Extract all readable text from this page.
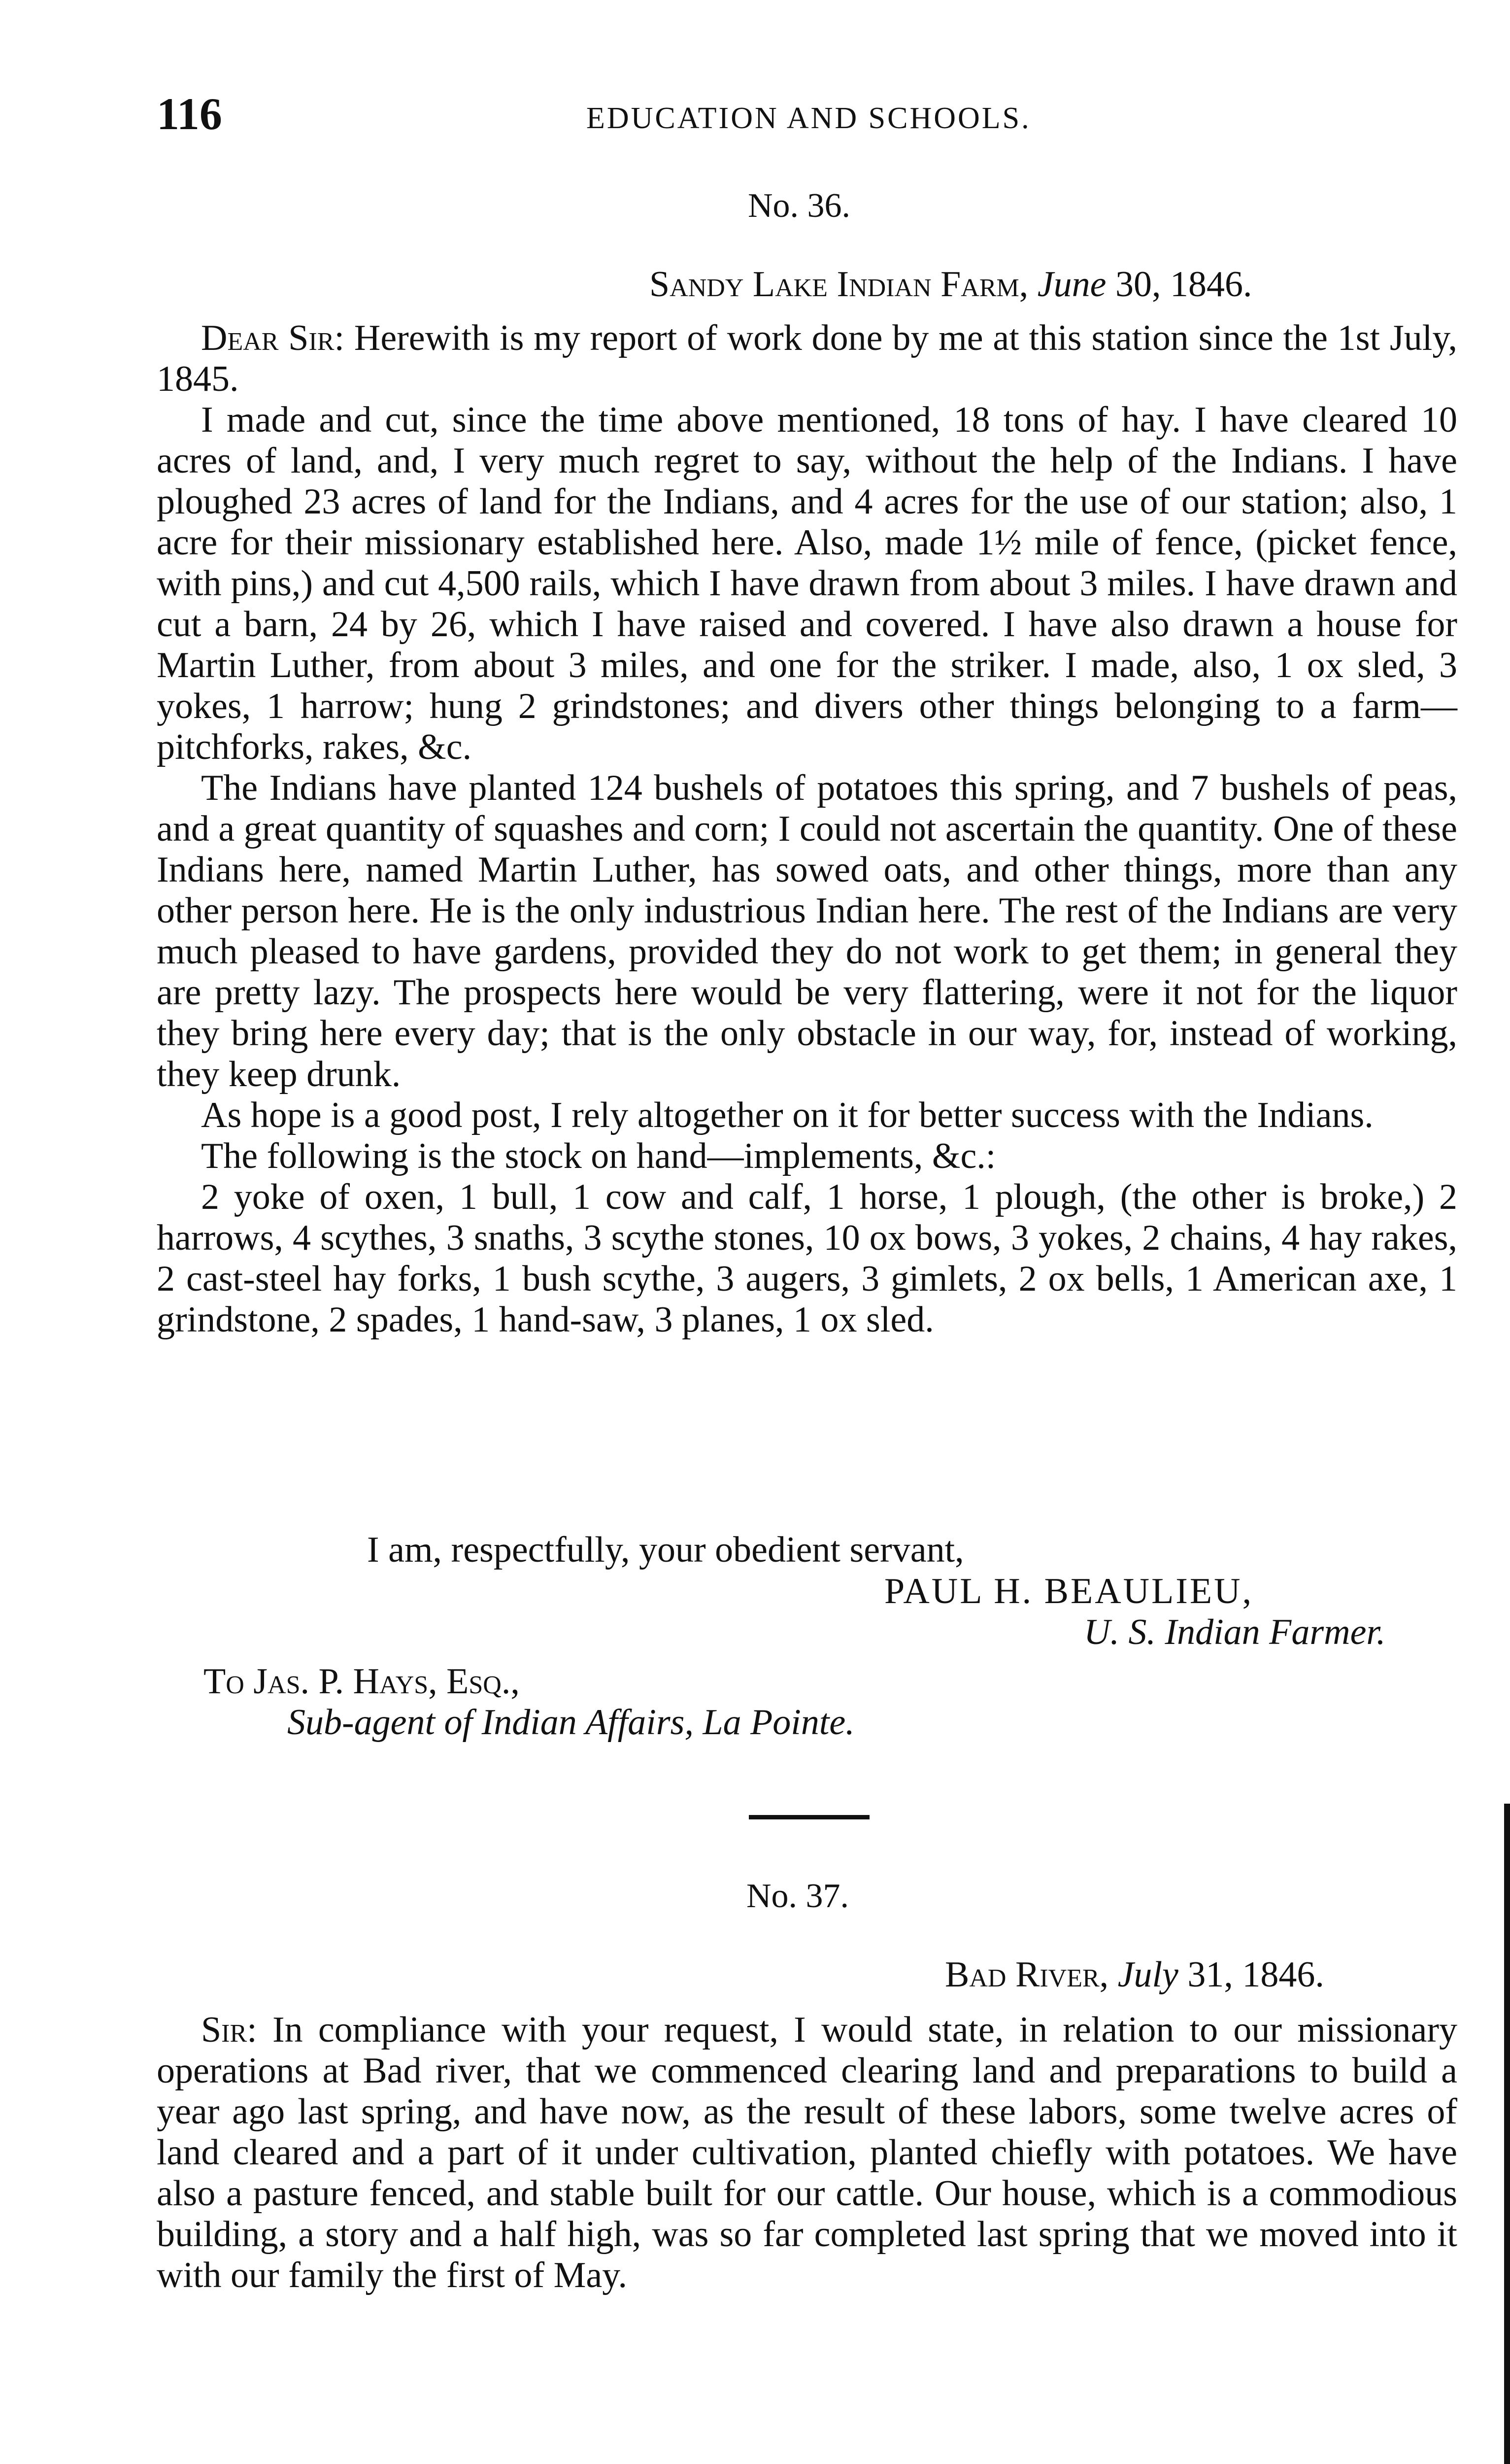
116	EDUCATION AND SCHOOLS.
No. 36.
Sandy Lake Indian Farm, June 30, 1846.

Dear Sir: Herewith is my report of work done by me at this station since the 1st July, 1845.

I made and cut, since the time above mentioned, 18 tons of hay. I have cleared 10 acres of land, and, I very much regret to say, without the help of the Indians. I have ploughed 23 acres of land for the Indians, and 4 acres for the use of our station; also, 1 acre for their missionary established here. Also, made 1½ mile of fence, (picket fence, with pins,) and cut 4,500 rails, which I have drawn from about 3 miles. I have drawn and cut a barn, 24 by 26, which I have raised and covered. I have also drawn a house for Martin Luther, from about 3 miles, and one for the striker. I made, also, 1 ox sled, 3 yokes, 1 harrow; hung 2 grindstones; and divers other things belonging to a farm—pitchforks, rakes, &c.

The Indians have planted 124 bushels of potatoes this spring, and 7 bushels of peas, and a great quantity of squashes and corn; I could not ascertain the quantity. One of these Indians here, named Martin Luther, has sowed oats, and other things, more than any other person here. He is the only industrious Indian here. The rest of the Indians are very much pleased to have gardens, provided they do not work to get them; in general they are pretty lazy. The prospects here would be very flattering, were it not for the liquor they bring here every day; that is the only obstacle in our way, for, instead of working, they keep drunk.

As hope is a good post, I rely altogether on it for better success with the Indians.

The following is the stock on hand—implements, &c.:

2 yoke of oxen, 1 bull, 1 cow and calf, 1 horse, 1 plough, (the other is broke,) 2 harrows, 4 scythes, 3 snaths, 3 scythe stones, 10 ox bows, 3 yokes, 2 chains, 4 hay rakes, 2 cast-steel hay forks, 1 bush scythe, 3 augers, 3 gimlets, 2 ox bells, 1 American axe, 1 grindstone, 2 spades, 1 hand-saw, 3 planes, 1 ox sled.

I am, respectfully, your obedient servant,
PAUL H. BEAULIEU,
U. S. Indian Farmer.
To Jas. P. Hays, Esq.,
Sub-agent of Indian Affairs, La Pointe.
No. 37.
Bad River, July 31, 1846.

Sir: In compliance with your request, I would state, in relation to our missionary operations at Bad river, that we commenced clearing land and preparations to build a year ago last spring, and have now, as the result of these labors, some twelve acres of land cleared and a part of it under cultivation, planted chiefly with potatoes. We have also a pasture fenced, and stable built for our cattle. Our house, which is a commodious building, a story and a half high, was so far completed last spring that we moved into it with our family the first of May.
